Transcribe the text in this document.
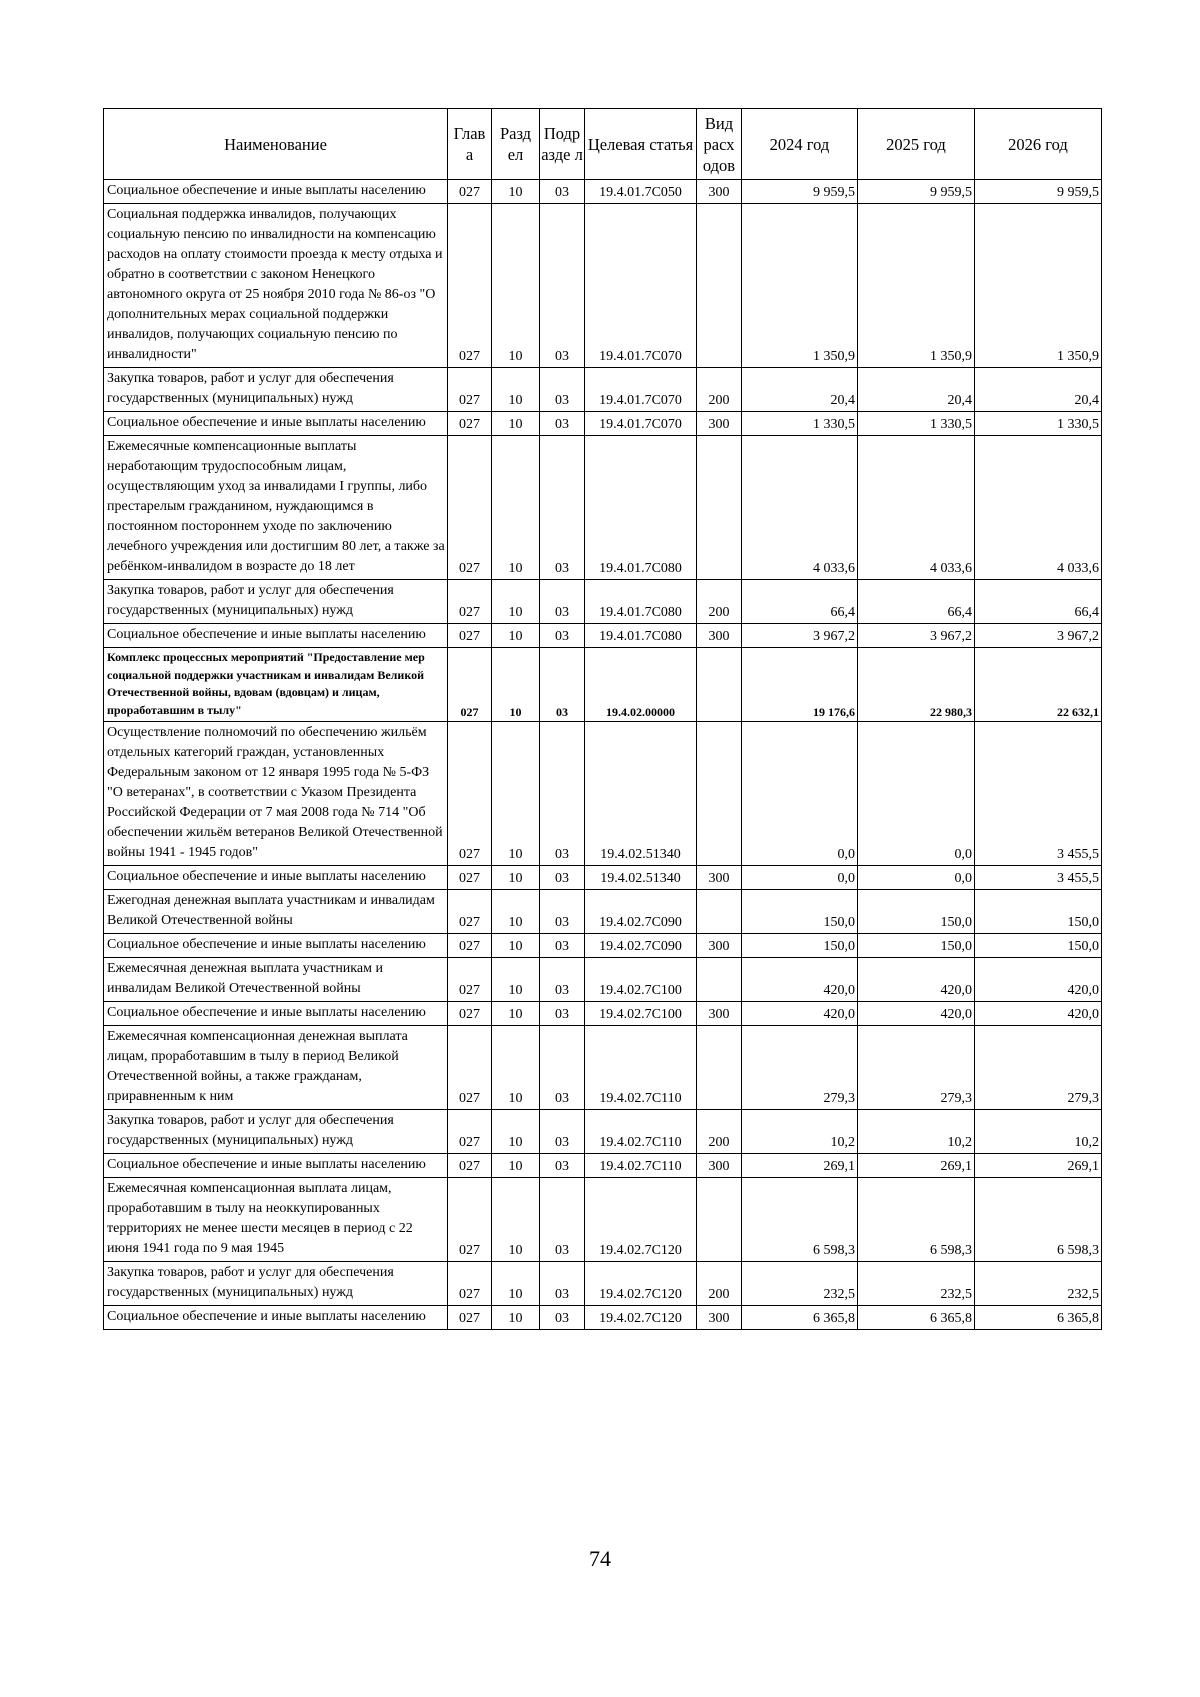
Наименование	Глав а	Разд ел	Подр азде л	Целевая статья	Вид расх одов	2024 год	2025 год	2026 год
Социальное обеспечение и иные выплаты населению	027	10	03	19.4.01.7С050	300	9 959,5	9 959,5	9 959,5
Социальная поддержка инвалидов, получающих социальную пенсию по инвалидности на компенсацию расходов на оплату стоимости проезда к месту отдыха и обратно в соответствии с законом Ненецкого автономного округа от 25 ноября 2010 года № 86-оз "О дополнительных мерах социальной поддержки инвалидов, получающих социальную пенсию по инвалидности"	027	10	03	19.4.01.7С070		1 350,9	1 350,9	1 350,9
Закупка товаров, работ и услуг для обеспечения государственных (муниципальных) нужд	027	10	03	19.4.01.7С070	200	20,4	20,4	20,4
Социальное обеспечение и иные выплаты населению	027	10	03	19.4.01.7С070	300	1 330,5	1 330,5	1 330,5
Ежемесячные компенсационные выплаты неработающим трудоспособным лицам, осуществляющим уход за инвалидами I группы, либо престарелым гражданином, нуждающимся в постоянном постороннем уходе по заключению лечебного учреждения или достигшим 80 лет, а также за ребёнком-инвалидом в возрасте до 18 лет	027	10	03	19.4.01.7С080		4 033,6	4 033,6	4 033,6
Закупка товаров, работ и услуг для обеспечения государственных (муниципальных) нужд	027	10	03	19.4.01.7С080	200	66,4	66,4	66,4
Социальное обеспечение и иные выплаты населению	027	10	03	19.4.01.7С080	300	3 967,2	3 967,2	3 967,2
Комплекс процессных мероприятий "Предоставление мер социальной поддержки участникам и инвалидам Великой Отечественной войны, вдовам (вдовцам) и лицам, проработавшим в тылу"	027	10	03	19.4.02.00000		19 176,6	22 980,3	22 632,1
Осуществление полномочий по обеспечению жильём отдельных категорий граждан, установленных Федеральным законом от 12 января 1995 года № 5-ФЗ "О ветеранах", в соответствии с Указом Президента Российской Федерации от 7 мая 2008 года № 714 "Об обеспечении жильём ветеранов Великой Отечественной войны 1941 - 1945 годов"	027	10	03	19.4.02.51340		0,0	0,0	3 455,5
Социальное обеспечение и иные выплаты населению	027	10	03	19.4.02.51340	300	0,0	0,0	3 455,5
Ежегодная денежная выплата участникам и инвалидам Великой Отечественной войны	027	10	03	19.4.02.7С090		150,0	150,0	150,0
Социальное обеспечение и иные выплаты населению	027	10	03	19.4.02.7С090	300	150,0	150,0	150,0
Ежемесячная денежная выплата участникам и инвалидам Великой Отечественной войны	027	10	03	19.4.02.7С100		420,0	420,0	420,0
Социальное обеспечение и иные выплаты населению	027	10	03	19.4.02.7С100	300	420,0	420,0	420,0
Ежемесячная компенсационная денежная выплата лицам, проработавшим в тылу в период Великой Отечественной войны, а также гражданам, приравненным к ним	027	10	03	19.4.02.7С110		279,3	279,3	279,3
Закупка товаров, работ и услуг для обеспечения государственных (муниципальных) нужд	027	10	03	19.4.02.7С110	200	10,2	10,2	10,2
Социальное обеспечение и иные выплаты населению	027	10	03	19.4.02.7С110	300	269,1	269,1	269,1
Ежемесячная компенсационная выплата лицам, проработавшим в тылу на неоккупированных территориях не менее шести месяцев в период с 22 июня 1941 года по 9 мая 1945	027	10	03	19.4.02.7С120		6 598,3	6 598,3	6 598,3
Закупка товаров, работ и услуг для обеспечения государственных (муниципальных) нужд	027	10	03	19.4.02.7С120	200	232,5	232,5	232,5
Социальное обеспечение и иные выплаты населению	027	10	03	19.4.02.7С120	300	6 365,8	6 365,8	6 365,8
74
